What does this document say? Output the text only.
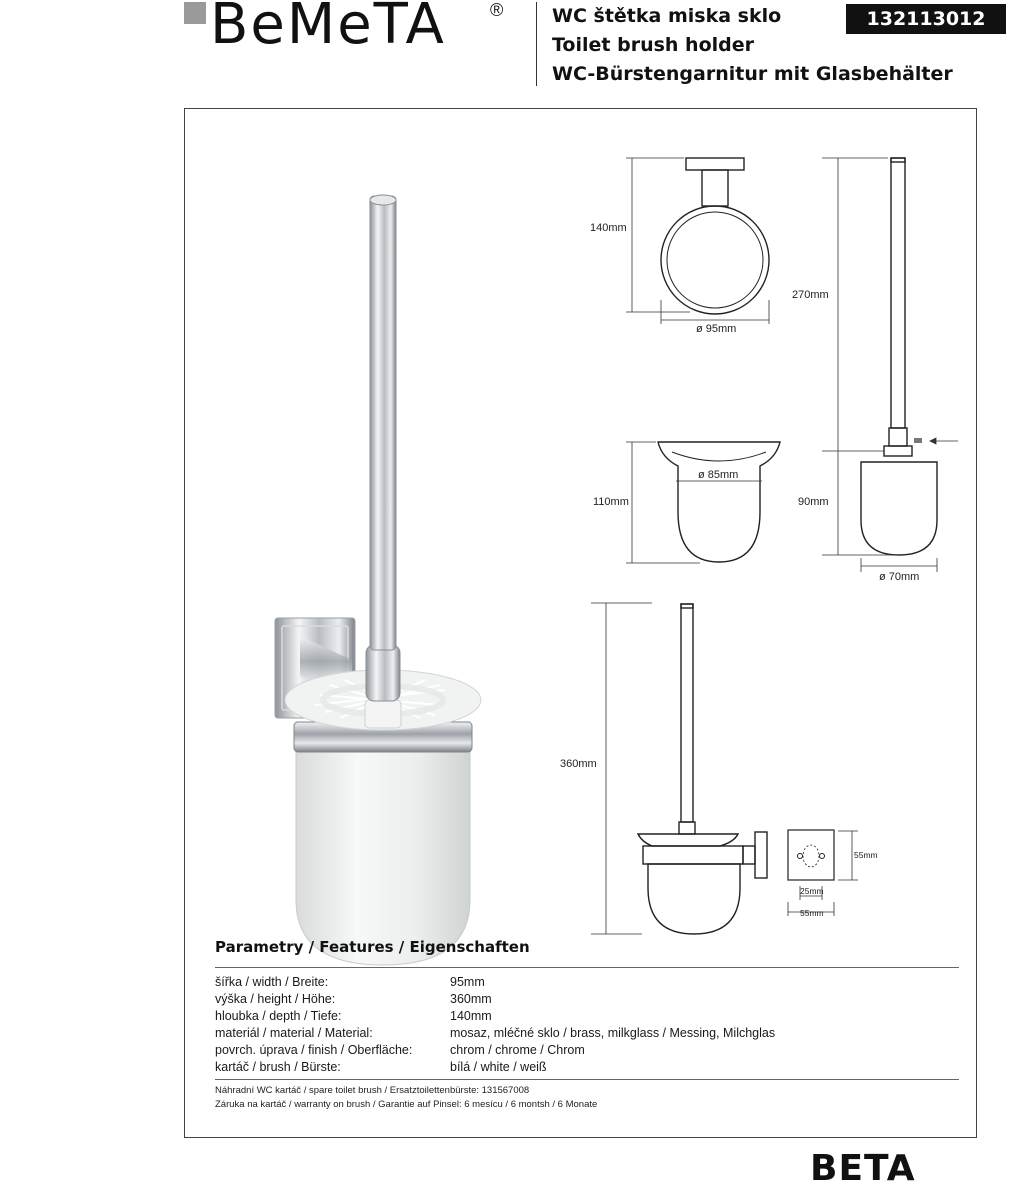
BeMeTA ®	WC štětka miska sklo
Toilet brush holder
WC-Bürstengarnitur mit Glasbehälter
132113012
140mm
ø 95mm
270mm
110mm
ø 85mm
90mm
ø 70mm
360mm
55mm
25mm
55mm
Parametry / Features / Eigenschaften
šířka / width / Breite:	95mm
výška / height / Höhe:	360mm
hloubka / depth / Tiefe:	140mm
materiál / material / Material:	mosaz, mléčné sklo / brass, milkglass / Messing, Milchglas
povrch. úprava / finish / Oberfläche:	chrom / chrome / Chrom
kartáč / brush / Bürste:	bílá / white / weiß
Náhradní WC kartáč / spare toilet brush / Ersatztoilettenbürste: 131567008
Záruka na kartáč / warranty on brush / Garantie auf Pinsel: 6 mesícu / 6 montsh / 6 Monate
BETA
